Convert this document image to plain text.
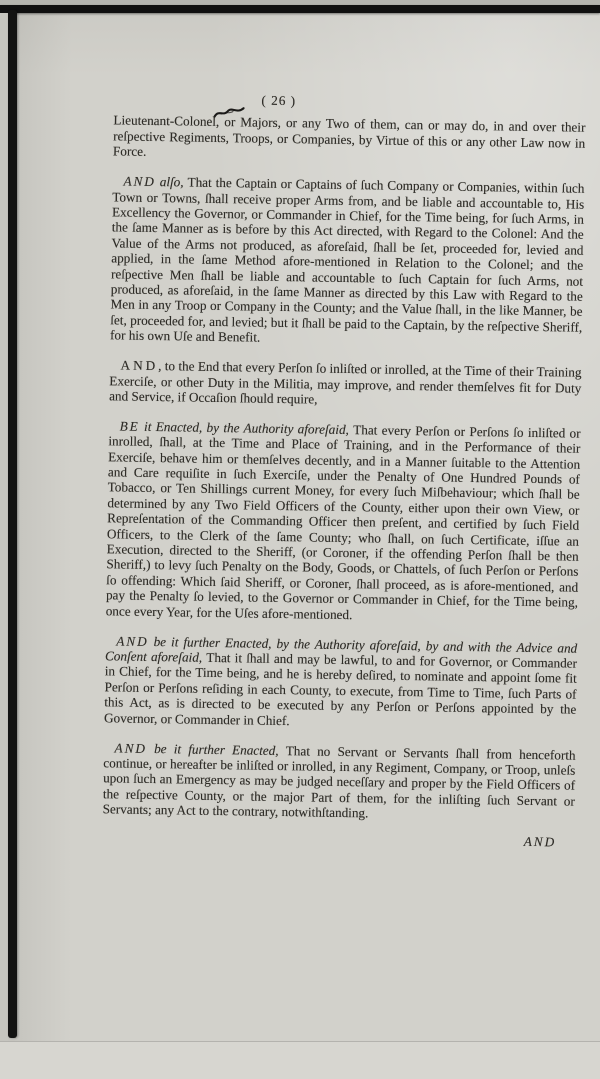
( 26 )

Lieutenant-Colonel, or Majors, or any Two of them, can or may do, in and over their reſpective Regiments, Troops, or Companies, by Virtue of this or any other Law now in Force.

AND alſo, That the Captain or Captains of ſuch Company or Companies, within ſuch Town or Towns, ſhall receive proper Arms from, and be liable and accountable to, His Excellency the Governor, or Commander in Chief, for the Time being, for ſuch Arms, in the ſame Manner as is before by this Act directed, with Regard to the Colonel: And the Value of the Arms not produced, as aforeſaid, ſhall be ſet, proceeded for, levied and applied, in the ſame Method afore-mentioned in Relation to the Colonel; and the reſpective Men ſhall be liable and accountable to ſuch Captain for ſuch Arms, not produced, as aforeſaid, in the ſame Manner as directed by this Law with Regard to the Men in any Troop or Company in the County; and the Value ſhall, in the like Manner, be ſet, proceeded for, and levied; but it ſhall be paid to the Captain, by the reſpective Sheriff, for his own Uſe and Benefit.

AND, to the End that every Perſon ſo inliſted or inrolled, at the Time of their Training Exerciſe, or other Duty in the Militia, may improve, and render themſelves fit for Duty and Service, if Occaſion ſhould require,

BE it Enacted, by the Authority aforeſaid, That every Perſon or Perſons ſo inliſted or inrolled, ſhall, at the Time and Place of Training, and in the Performance of their Exerciſe, behave him or themſelves decently, and in a Manner ſuitable to the Attention and Care requiſite in ſuch Exerciſe, under the Penalty of One Hundred Pounds of Tobacco, or Ten Shillings current Money, for every ſuch Miſbehaviour; which ſhall be determined by any Two Field Officers of the County, either upon their own View, or Repreſentation of the Commanding Officer then preſent, and certified by ſuch Field Officers, to the Clerk of the ſame County; who ſhall, on ſuch Certificate, iſſue an Execution, directed to the Sheriff, (or Coroner, if the offending Perſon ſhall be then Sheriff,) to levy ſuch Penalty on the Body, Goods, or Chattels, of ſuch Perſon or Perſons ſo offending: Which ſaid Sheriff, or Coroner, ſhall proceed, as is afore-mentioned, and pay the Penalty ſo levied, to the Governor or Commander in Chief, for the Time being, once every Year, for the Uſes afore-mentioned.

AND be it further Enacted, by the Authority aforeſaid, by and with the Advice and Conſent aforeſaid, That it ſhall and may be lawful, to and for Governor, or Commander in Chief, for the Time being, and he is hereby deſired, to nominate and appoint ſome fit Perſon or Perſons reſiding in each County, to execute, from Time to Time, ſuch Parts of this Act, as is directed to be executed by any Perſon or Perſons appointed by the Governor, or Commander in Chief.

AND be it further Enacted, That no Servant or Servants ſhall from henceforth continue, or hereafter be inliſted or inrolled, in any Regiment, Company, or Troop, unleſs upon ſuch an Emergency as may be judged neceſſary and proper by the Field Officers of the reſpective County, or the major Part of them, for the inliſting ſuch Servant or Servants; any Act to the contrary, notwithſtanding.

AND
